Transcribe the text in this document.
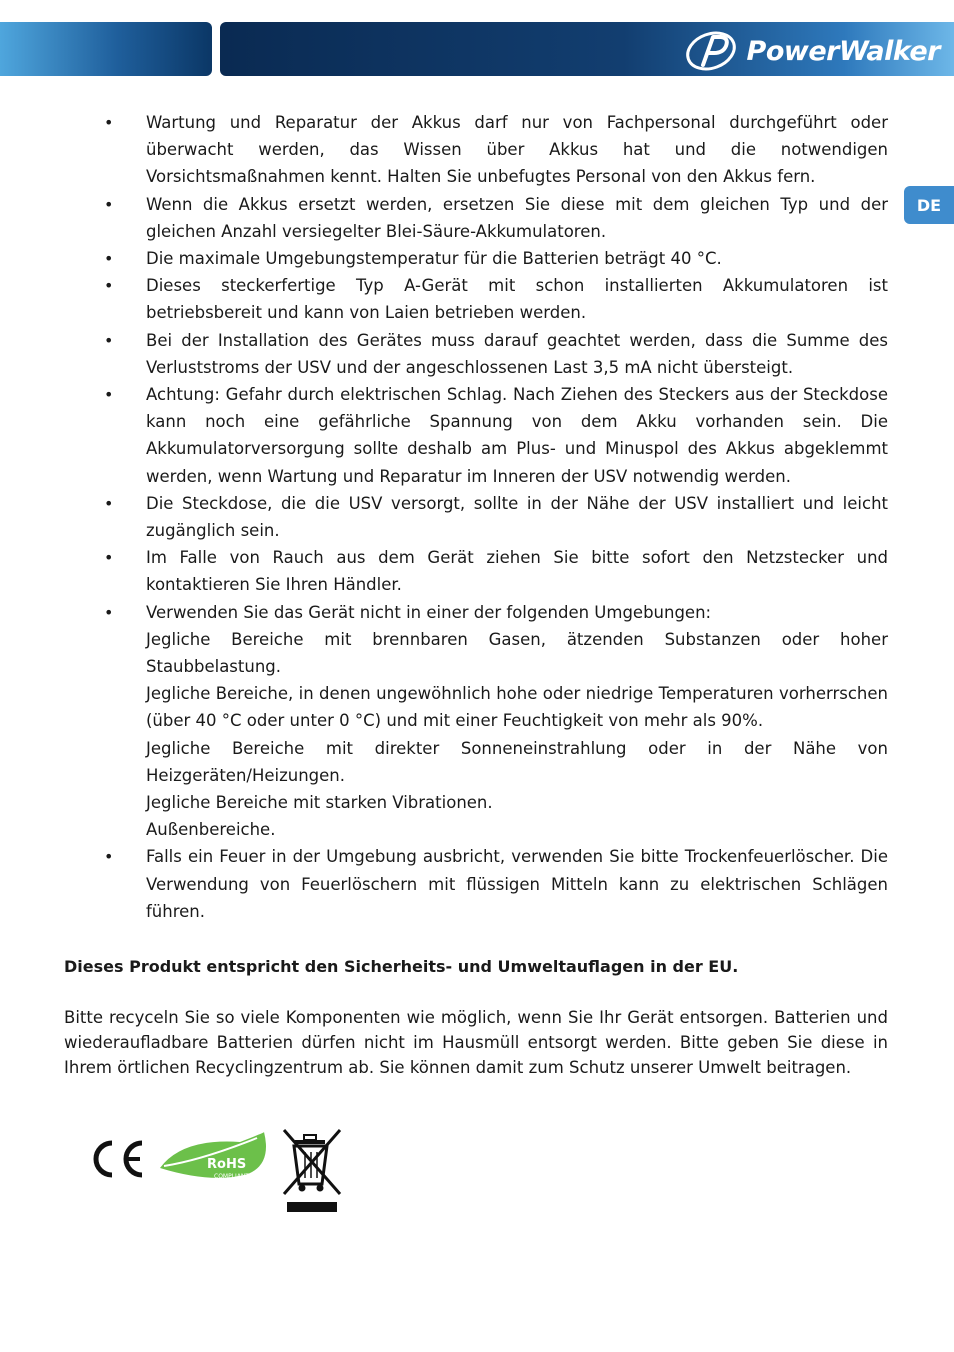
PowerWalker
DE
• Wartung und Reparatur der Akkus darf nur von Fachpersonal durchgeführt oder überwacht werden, das Wissen über Akkus hat und die notwendigen Vorsichtsmaßnahmen kennt. Halten Sie unbefugtes Personal von den Akkus fern.
• Wenn die Akkus ersetzt werden, ersetzen Sie diese mit dem gleichen Typ und der gleichen Anzahl versiegelter Blei-Säure-Akkumulatoren.
• Die maximale Umgebungstemperatur für die Batterien beträgt 40 °C.
• Dieses steckerfertige Typ A-Gerät mit schon installierten Akkumulatoren ist betriebsbereit und kann von Laien betrieben werden.
• Bei der Installation des Gerätes muss darauf geachtet werden, dass die Summe des Verluststroms der USV und der angeschlossenen Last 3,5 mA nicht übersteigt.
• Achtung: Gefahr durch elektrischen Schlag. Nach Ziehen des Steckers aus der Steckdose kann noch eine gefährliche Spannung von dem Akku vorhanden sein. Die Akkumulatorversorgung sollte deshalb am Plus- und Minuspol des Akkus abgeklemmt werden, wenn Wartung und Reparatur im Inneren der USV notwendig werden.
• Die Steckdose, die die USV versorgt, sollte in der Nähe der USV installiert und leicht zugänglich sein.
• Im Falle von Rauch aus dem Gerät ziehen Sie bitte sofort den Netzstecker und kontaktieren Sie Ihren Händler.
• Verwenden Sie das Gerät nicht in einer der folgenden Umgebungen:
Jegliche Bereiche mit brennbaren Gasen, ätzenden Substanzen oder hoher Staubbelastung.
Jegliche Bereiche, in denen ungewöhnlich hohe oder niedrige Temperaturen vorherrschen (über 40 °C oder unter 0 °C) und mit einer Feuchtigkeit von mehr als 90%.
Jegliche Bereiche mit direkter Sonneneinstrahlung oder in der Nähe von Heizgeräten/Heizungen.
Jegliche Bereiche mit starken Vibrationen.
Außenbereiche.
• Falls ein Feuer in der Umgebung ausbricht, verwenden Sie bitte Trockenfeuerlöscher. Die Verwendung von Feuerlöschern mit flüssigen Mitteln kann zu elektrischen Schlägen führen.
Dieses Produkt entspricht den Sicherheits- und Umweltauflagen in der EU.
Bitte recyceln Sie so viele Komponenten wie möglich, wenn Sie Ihr Gerät entsorgen. Batterien und wiederaufladbare Batterien dürfen nicht im Hausmüll entsorgt werden. Bitte geben Sie diese in Ihrem örtlichen Recyclingzentrum ab. Sie können damit zum Schutz unserer Umwelt beitragen.
RoHS
COMPLIANT
